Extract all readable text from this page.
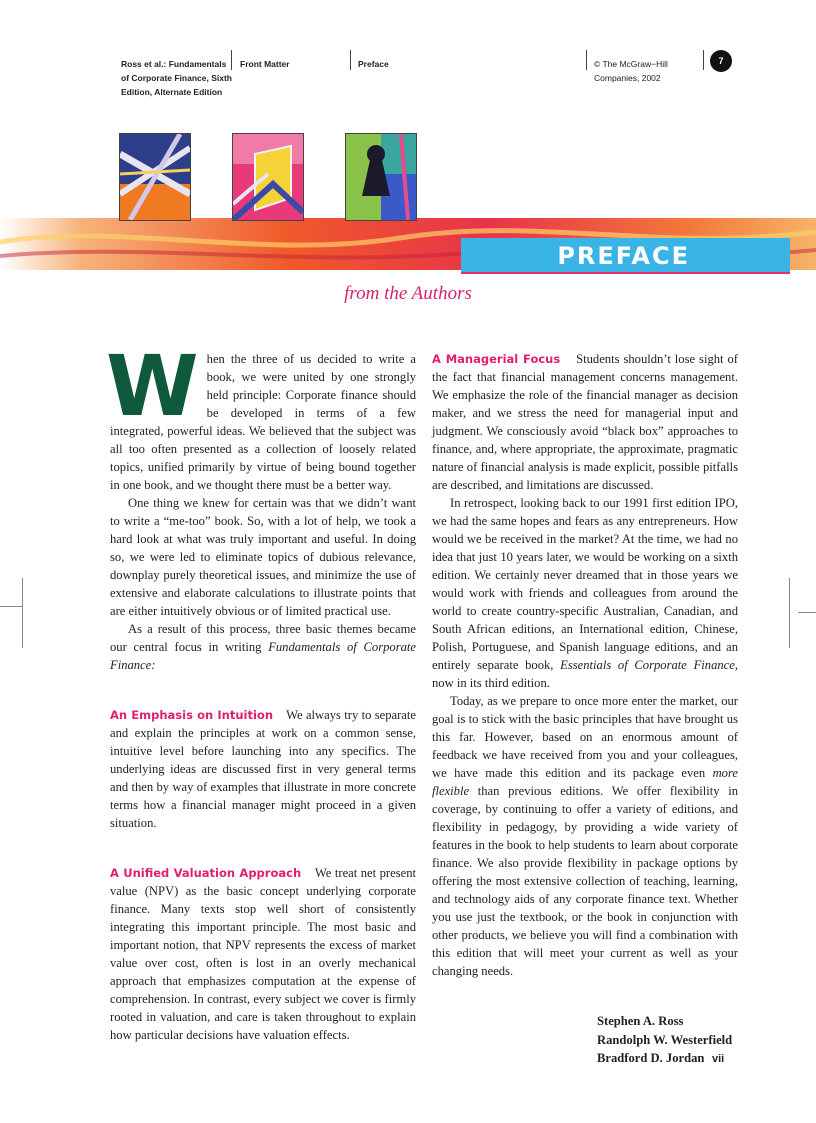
Ross et al.: Fundamentals
of Corporate Finance, Sixth
Edition, Alternate Edition
Front Matter	Preface	© The McGraw−Hill
Companies, 2002
7
PREFACE
from the Authors

When the three of us decided to write a book, we were united by one strongly held principle: Corporate finance should be developed in terms of a few integrated, powerful ideas. We believed that the subject was all too often presented as a collection of loosely related topics, unified primarily by virtue of being bound together in one book, and we thought there must be a better way.

One thing we knew for certain was that we didn’t want to write a “me-too” book. So, with a lot of help, we took a hard look at what was truly important and useful. In doing so, we were led to eliminate topics of dubious relevance, downplay purely theoretical issues, and minimize the use of extensive and elaborate calculations to illustrate points that are either intuitively obvious or of limited practical use.

As a result of this process, three basic themes became our central focus in writing Fundamentals of Corporate Finance:

An Emphasis on Intuition We always try to separate and explain the principles at work on a common sense, intuitive level before launching into any specifics. The underlying ideas are discussed first in very general terms and then by way of examples that illustrate in more concrete terms how a financial manager might proceed in a given situation.

A Unified Valuation Approach We treat net present value (NPV) as the basic concept underlying corporate finance. Many texts stop well short of consistently integrating this important principle. The most basic and important notion, that NPV represents the excess of market value over cost, often is lost in an overly mechanical approach that emphasizes computation at the expense of comprehension. In contrast, every subject we cover is firmly rooted in valuation, and care is taken throughout to explain how particular decisions have valuation effects.

A Managerial Focus Students shouldn’t lose sight of the fact that financial management concerns management. We emphasize the role of the financial manager as decision maker, and we stress the need for managerial input and judgment. We consciously avoid “black box” approaches to finance, and, where appropriate, the approximate, pragmatic nature of financial analysis is made explicit, possible pitfalls are described, and limitations are discussed.

In retrospect, looking back to our 1991 first edition IPO, we had the same hopes and fears as any entrepreneurs. How would we be received in the market? At the time, we had no idea that just 10 years later, we would be working on a sixth edition. We certainly never dreamed that in those years we would work with friends and colleagues from around the world to create country-specific Australian, Canadian, and South African editions, an International edition, Chinese, Polish, Portuguese, and Spanish language editions, and an entirely separate book, Essentials of Corporate Finance, now in its third edition.

Today, as we prepare to once more enter the market, our goal is to stick with the basic principles that have brought us this far. However, based on an enormous amount of feedback we have received from you and your colleagues, we have made this edition and its package even more flexible than previous editions. We offer flexibility in coverage, by continuing to offer a variety of editions, and flexibility in pedagogy, by providing a wide variety of features in the book to help students to learn about corporate finance. We also provide flexibility in package options by offering the most extensive collection of teaching, learning, and technology aids of any corporate finance text. Whether you use just the textbook, or the book in conjunction with other products, we believe you will find a combination with this edition that will meet your current as well as your changing needs.

Stephen A. Ross
Randolph W. Westerfield
Bradford D. Jordan vii
